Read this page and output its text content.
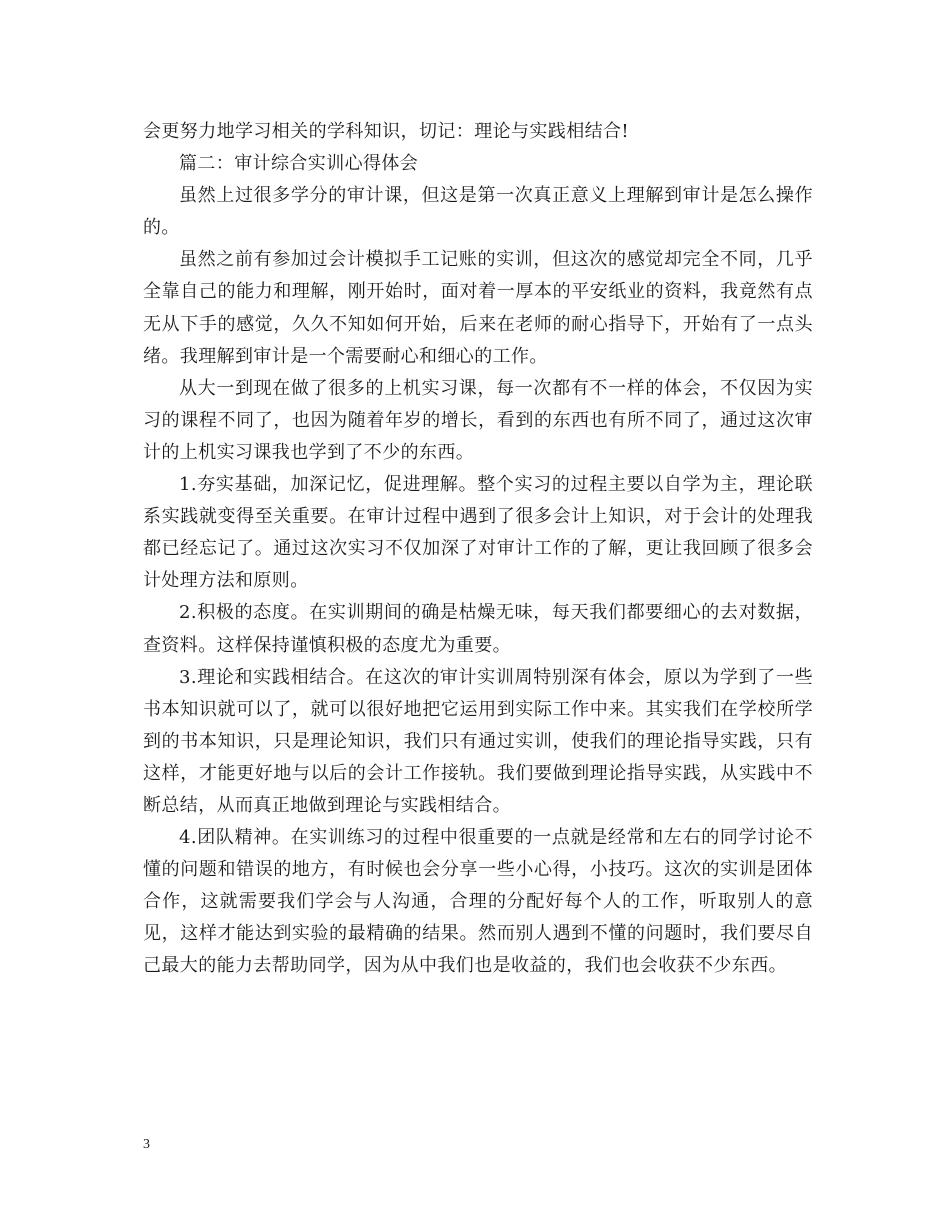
会更努力地学习相关的学科知识，切记：理论与实践相结合!

篇二：审计综合实训心得体会

虽然上过很多学分的审计课，但这是第一次真正意义上理解到审计是怎么操作的。

虽然之前有参加过会计模拟手工记账的实训，但这次的感觉却完全不同，几乎全靠自己的能力和理解，刚开始时，面对着一厚本的平安纸业的资料，我竟然有点无从下手的感觉，久久不知如何开始，后来在老师的耐心指导下，开始有了一点头绪。我理解到审计是一个需要耐心和细心的工作。

从大一到现在做了很多的上机实习课，每一次都有不一样的体会，不仅因为实习的课程不同了，也因为随着年岁的增长，看到的东西也有所不同了，通过这次审计的上机实习课我也学到了不少的东西。

1.夯实基础，加深记忆，促进理解。整个实习的过程主要以自学为主，理论联系实践就变得至关重要。在审计过程中遇到了很多会计上知识，对于会计的处理我都已经忘记了。通过这次实习不仅加深了对审计工作的了解，更让我回顾了很多会计处理方法和原则。

2.积极的态度。在实训期间的确是枯燥无味，每天我们都要细心的去对数据，查资料。这样保持谨慎积极的态度尤为重要。

3.理论和实践相结合。在这次的审计实训周特别深有体会，原以为学到了一些书本知识就可以了，就可以很好地把它运用到实际工作中来。其实我们在学校所学到的书本知识，只是理论知识，我们只有通过实训，使我们的理论指导实践，只有这样，才能更好地与以后的会计工作接轨。我们要做到理论指导实践，从实践中不断总结，从而真正地做到理论与实践相结合。

4.团队精神。在实训练习的过程中很重要的一点就是经常和左右的同学讨论不懂的问题和错误的地方，有时候也会分享一些小心得，小技巧。这次的实训是团体合作，这就需要我们学会与人沟通，合理的分配好每个人的工作，听取别人的意见，这样才能达到实验的最精确的结果。然而别人遇到不懂的问题时，我们要尽自己最大的能力去帮助同学，因为从中我们也是收益的，我们也会收获不少东西。

3
